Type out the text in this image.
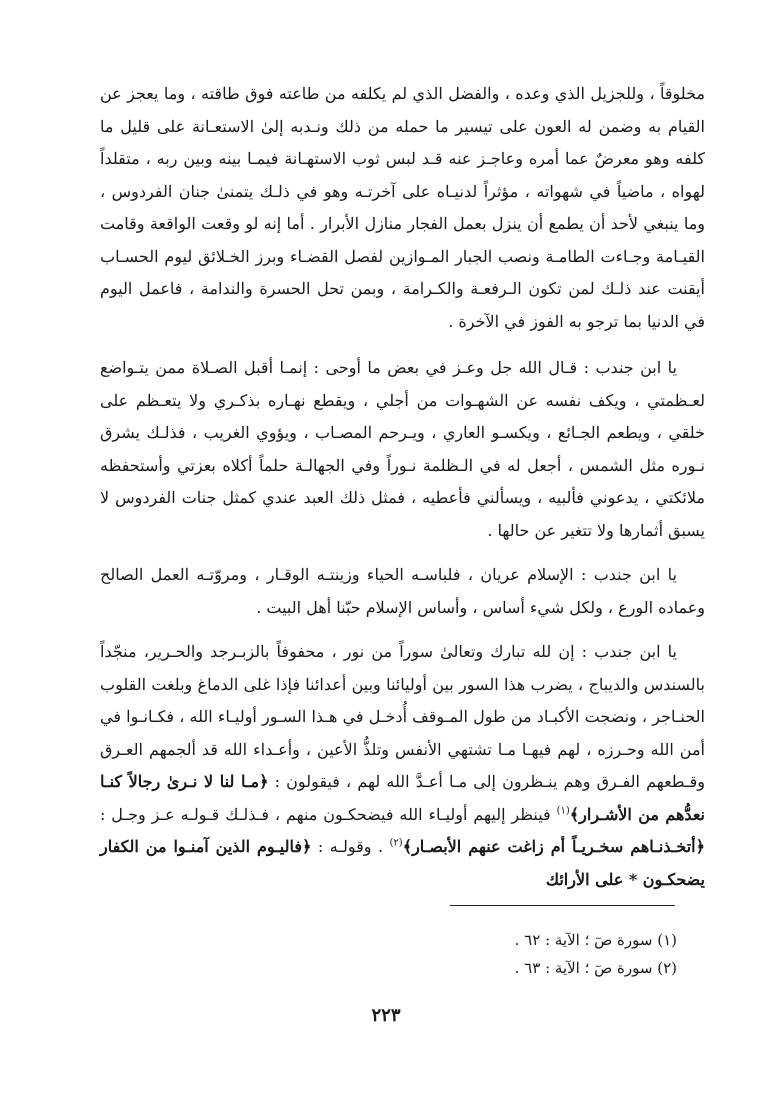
مخلوقاً ، وللجزيل الذي وعده ، والفضل الذي لم يكلفه من طاعته فوق طاقته ، وما يعجز عن القيام به وضمن له العون على تيسير ما حمله من ذلك ونـدبه إلىٰ الاستعـانة على قليل ما كلفه وهو معرضٌ عما أمره وعاجـز عنه قـد لبس ثوب الاستهـانة فيمـا بينه وبين ربه ، متقلداً لهواه ، ماضياً في شهواته ، مؤثراً لدنيـاه على آخرتـه وهو في ذلـك يتمنىٰ جنان الفردوس ، وما ينبغي لأحد أن يطمع أن ينزل بعمل الفجار منازل الأبرار . أما إنه لو وقعت الواقعة وقامت القيـامة وجـاءت الطامـة ونصب الجبار المـوازين لفصل القضـاء وبرز الخـلائق ليوم الحسـاب أيقنت عند ذلـك لمن تكون الـرفعـة والكـرامة ، وبمن تحل الحسرة والندامة ، فاعمل اليوم في الدنيا بما ترجو به الفوز في الآخرة .

يا ابن جندب : قـال الله جل وعـز في بعض ما أوحى : إنمـا أقبل الصـلاة ممن يتـواضع لعـظمتي ، ويكف نفسه عن الشهـوات من أجلي ، ويقطع نهـاره بذكـري ولا يتعـظم على خلقي ، ويطعم الجـائع ، ويكسـو العاري ، ويـرحم المصـاب ، ويؤوي الغريب ، فذلـك يشرق نـوره مثل الشمس ، أجعل له في الـظلمة نـوراً وفي الجهالـة حلماً أكلاه بعزتي وأستحفظه ملائكتي ، يدعوني فألبيه ، ويسألني فأعطيه ، فمثل ذلك العبد عندي كمثل جنات الفردوس لا يسبق أثمارها ولا تتغير عن حالها .

يا ابن جندب : الإسلام عريان ، فلباسـه الحياء وزينتـه الوقـار ، ومروّتـه العمل الصالح وعماده الورع ، ولكل شيء أساس ، وأساس الإسلام حبّنا أهل البيت .

يا ابن جندب : إن لله تبارك وتعالىٰ سوراً من نور ، محفوفاً بالزبـرجد والحـرير، منجّداً بالسندس والديباج ، يضرب هذا السور بين أوليائنا وبين أعدائنا فإذا غلى الدماغ وبلغت القلوب الحنـاجر ، ونضجت الأكبـاد من طول المـوقف أُدخـل في هـذا السـور أوليـاء الله ، فكـانـوا في أمن الله وحـرزه ، لهم فيهـا مـا تشتهي الأنفس وتلذُّ الأعين ، وأعـداء الله قد ألجمهم العـرق وقـطعهم الفـرق وهم ينـظرون إلى مـا أعـدَّ الله لهم ، فيقولون : ﴿مـا لنا لا نـرىٰ رجالاً كنـا نعدُّهم من الأشـرار﴾$^{(١)}$ فينظر إليهم أوليـاء الله فيضحكـون منهم ، فـذلـك قـولـه عـز وجـل : ﴿أتخـذنـاهم سخـريـاً أم زاغت عنهم الأبصـار﴾$^{(٢)}$ . وقولـه : ﴿فاليـوم الذين آمنـوا من الكفار يضحكـون * على الأرائك

(١) سورة صٓ ؛ الآية : ٦٢ .

(٢) سورة صٓ ؛ الآية : ٦٣ .

٢٢٣
